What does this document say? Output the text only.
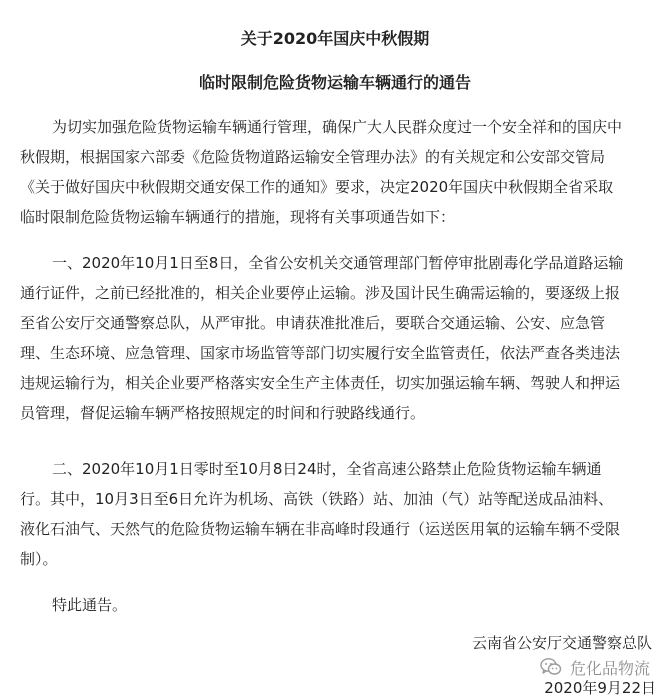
关于2020年国庆中秋假期
临时限制危险货物运输车辆通行的通告

为切实加强危险货物运输车辆通行管理，确保广大人民群众度过一个安全祥和的国庆中
秋假期，根据国家六部委《危险货物道路运输安全管理办法》的有关规定和公安部交管局
《关于做好国庆中秋假期交通安保工作的通知》要求，决定2020年国庆中秋假期全省采取
临时限制危险货物运输车辆通行的措施，现将有关事项通告如下：

一、2020年10月1日至8日，全省公安机关交通管理部门暂停审批剧毒化学品道路运输
通行证件，之前已经批准的，相关企业要停止运输。涉及国计民生确需运输的，要逐级上报
至省公安厅交通警察总队，从严审批。申请获准批准后，要联合交通运输、公安、应急管
理、生态环境、应急管理、国家市场监管等部门切实履行安全监管责任，依法严查各类违法
违规运输行为，相关企业要严格落实安全生产主体责任，切实加强运输车辆、驾驶人和押运
员管理，督促运输车辆严格按照规定的时间和行驶路线通行。

二、2020年10月1日零时至10月8日24时，全省高速公路禁止危险货物运输车辆通
行。其中，10月3日至6日允许为机场、高铁（铁路）站、加油（气）站等配送成品油料、
液化石油气、天然气的危险货物运输车辆在非高峰时段通行（运送医用氧的运输车辆不受限
制）。

特此通告。

云南省公安厅交通警察总队
危化品物流
2020年9月22日
